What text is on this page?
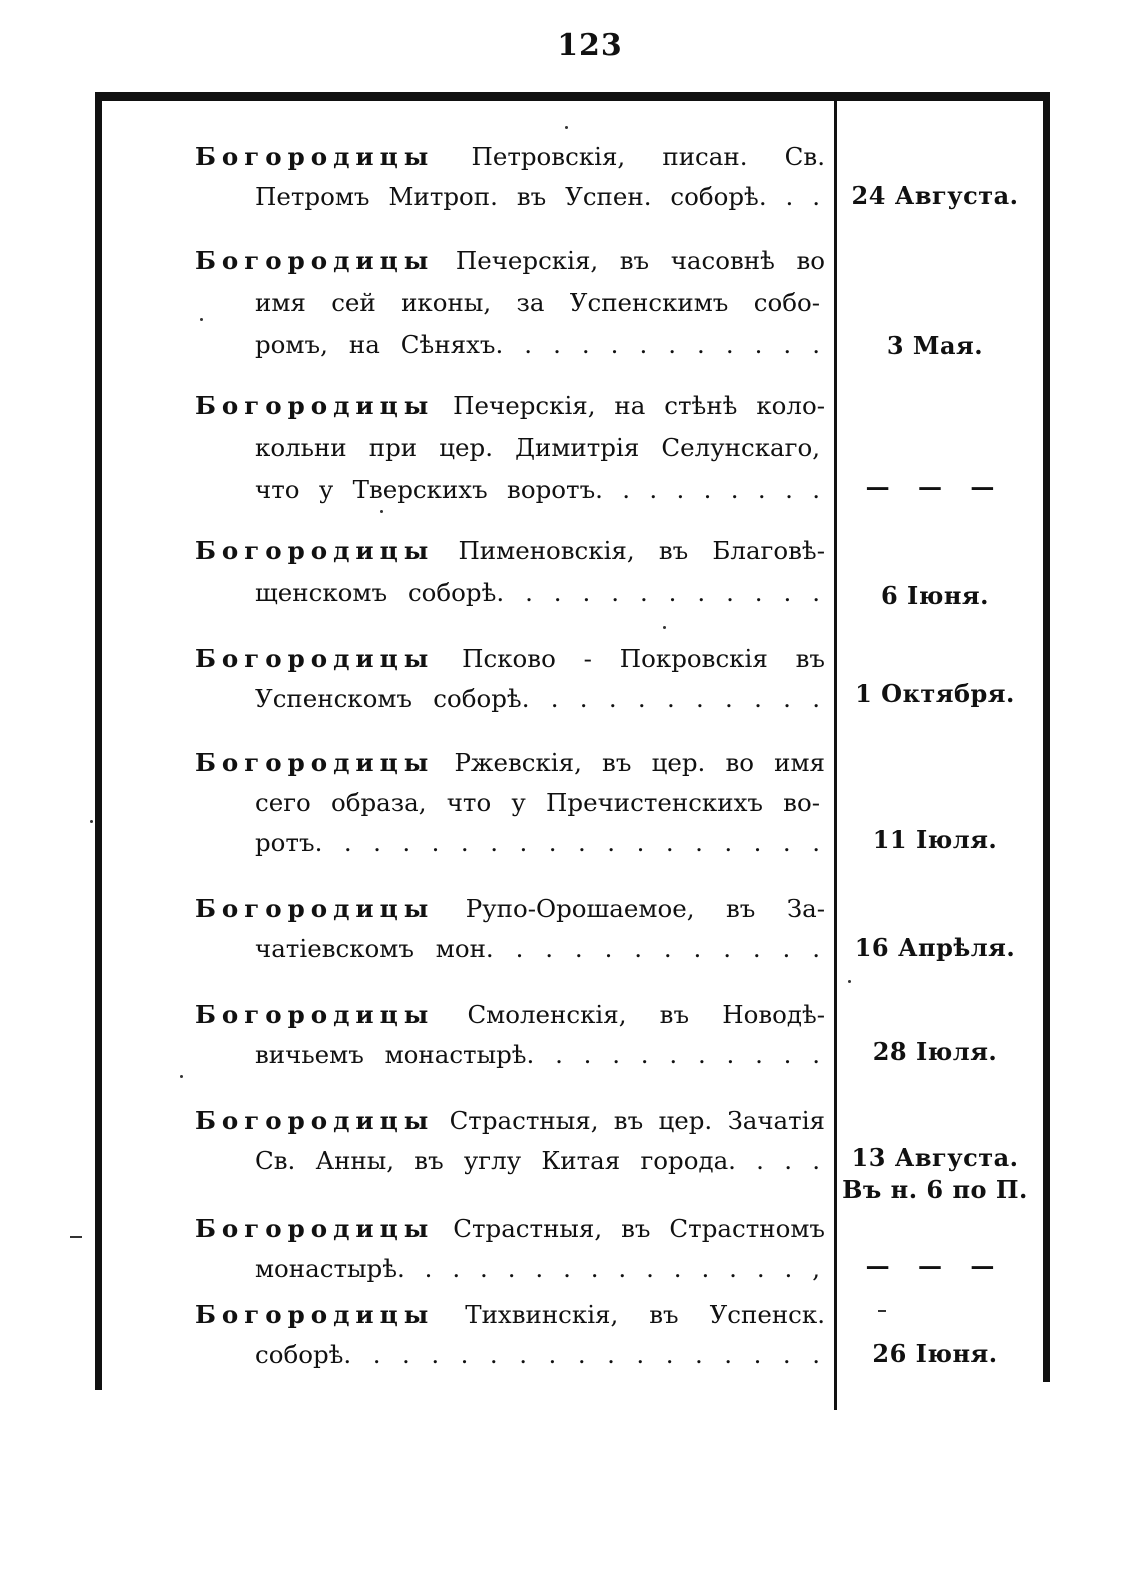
123
Богородицы Петровскія, писан. Св.
Петромъ Митроп. въ Успен. соборѣ. . .	24 Августа.
Богородицы Печерскія, въ часовнѣ во
имя сей иконы, за Успенскимъ собо-
ромъ, на Сѣняхъ. . . . . . . . . . . .	3 Мая.
Богородицы Печерскія, на стѣнѣ коло-
кольни при цер. Димитрія Селунскаго,
что у Тверскихъ воротъ. . . . . . . . .	— — —
Богородицы Пименовскія, въ Благовѣ-
щенскомъ соборѣ. . . . . . . . . . . .	6 Іюня.
Богородицы Псково - Покровскія въ
Успенскомъ соборѣ. . . . . . . . . . .	1 Октября.
Богородицы Ржевскія, въ цер. во имя
сего образа, что у Пречистенскихъ во-
ротъ. . . . . . . . . . . . . . . . . .	11 Іюля.
Богородицы Рупо-Орошаемое, въ За-
чатіевскомъ мон. . . . . . . . . . . .	16 Апрѣля.
Богородицы Смоленскія, въ Новодѣ-
вичьемъ монастырѣ. . . . . . . . . . .	28 Іюля.
Богородицы Страстныя, въ цер. Зачатія
Св. Анны, въ углу Китая города. . . .	13 Августа.
Въ н. 6 по П.
Богородицы Страстныя, въ Страстномъ
монастырѣ. . . . . . . . . . . . . . . ,	— — —
Богородицы Тихвинскія, въ Успенск.
соборѣ. . . . . . . . . . . . . . . . .	26 Іюня.
